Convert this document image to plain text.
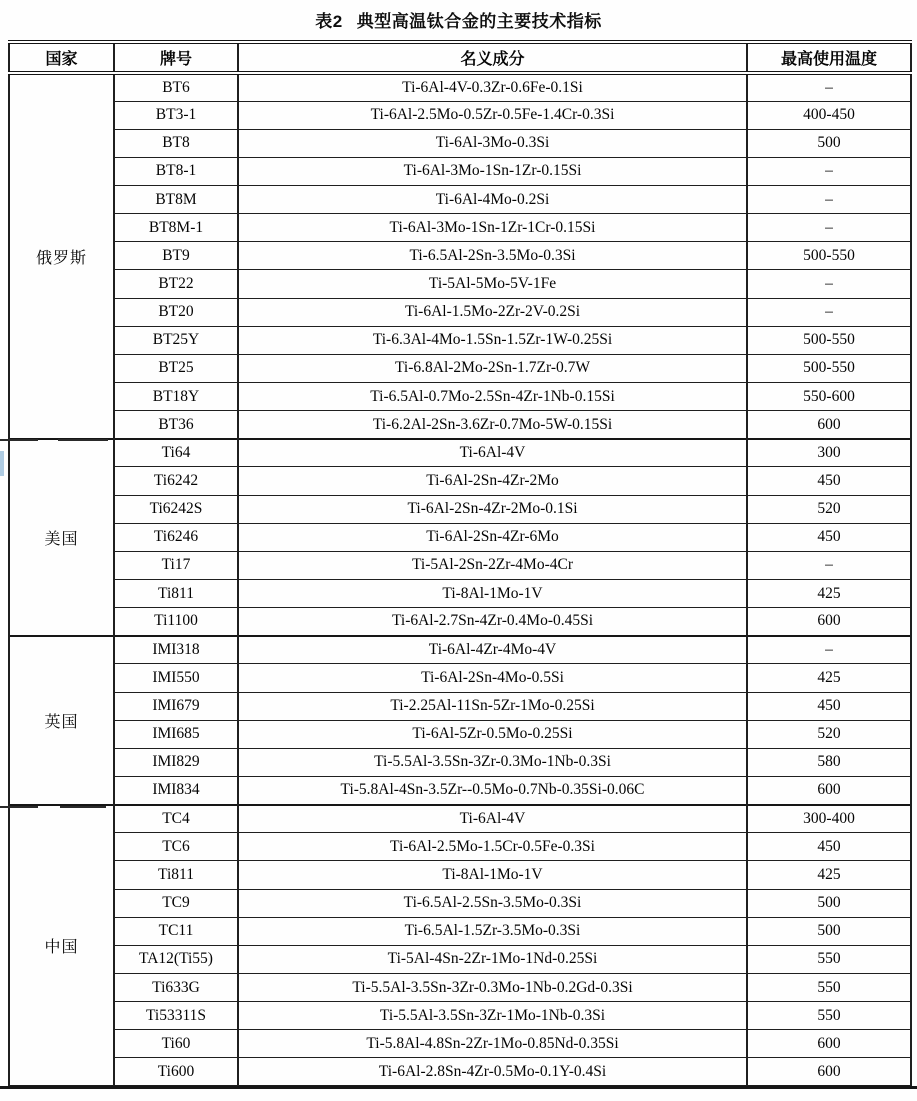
表2 典型高温钛合金的主要技术指标
国家	牌号	名义成分	最高使用温度
俄罗斯	BT6	Ti-6Al-4V-0.3Zr-0.6Fe-0.1Si	–
	BT3-1	Ti-6Al-2.5Mo-0.5Zr-0.5Fe-1.4Cr-0.3Si	400-450
	BT8	Ti-6Al-3Mo-0.3Si	500
	BT8-1	Ti-6Al-3Mo-1Sn-1Zr-0.15Si	–
	BT8M	Ti-6Al-4Mo-0.2Si	–
	BT8M-1	Ti-6Al-3Mo-1Sn-1Zr-1Cr-0.15Si	–
	BT9	Ti-6.5Al-2Sn-3.5Mo-0.3Si	500-550
	BT22	Ti-5Al-5Mo-5V-1Fe	–
	BT20	Ti-6Al-1.5Mo-2Zr-2V-0.2Si	–
	BT25Y	Ti-6.3Al-4Mo-1.5Sn-1.5Zr-1W-0.25Si	500-550
	BT25	Ti-6.8Al-2Mo-2Sn-1.7Zr-0.7W	500-550
	BT18Y	Ti-6.5Al-0.7Mo-2.5Sn-4Zr-1Nb-0.15Si	550-600
	BT36	Ti-6.2Al-2Sn-3.6Zr-0.7Mo-5W-0.15Si	600
美国	Ti64	Ti-6Al-4V	300
	Ti6242	Ti-6Al-2Sn-4Zr-2Mo	450
	Ti6242S	Ti-6Al-2Sn-4Zr-2Mo-0.1Si	520
	Ti6246	Ti-6Al-2Sn-4Zr-6Mo	450
	Ti17	Ti-5Al-2Sn-2Zr-4Mo-4Cr	–
	Ti811	Ti-8Al-1Mo-1V	425
	Ti1100	Ti-6Al-2.7Sn-4Zr-0.4Mo-0.45Si	600
英国	IMI318	Ti-6Al-4Zr-4Mo-4V	–
	IMI550	Ti-6Al-2Sn-4Mo-0.5Si	425
	IMI679	Ti-2.25Al-11Sn-5Zr-1Mo-0.25Si	450
	IMI685	Ti-6Al-5Zr-0.5Mo-0.25Si	520
	IMI829	Ti-5.5Al-3.5Sn-3Zr-0.3Mo-1Nb-0.3Si	580
	IMI834	Ti-5.8Al-4Sn-3.5Zr--0.5Mo-0.7Nb-0.35Si-0.06C	600
中国	TC4	Ti-6Al-4V	300-400
	TC6	Ti-6Al-2.5Mo-1.5Cr-0.5Fe-0.3Si	450
	Ti811	Ti-8Al-1Mo-1V	425
	TC9	Ti-6.5Al-2.5Sn-3.5Mo-0.3Si	500
	TC11	Ti-6.5Al-1.5Zr-3.5Mo-0.3Si	500
	TA12(Ti55)	Ti-5Al-4Sn-2Zr-1Mo-1Nd-0.25Si	550
	Ti633G	Ti-5.5Al-3.5Sn-3Zr-0.3Mo-1Nb-0.2Gd-0.3Si	550
	Ti53311S	Ti-5.5Al-3.5Sn-3Zr-1Mo-1Nb-0.3Si	550
	Ti60	Ti-5.8Al-4.8Sn-2Zr-1Mo-0.85Nd-0.35Si	600
	Ti600	Ti-6Al-2.8Sn-4Zr-0.5Mo-0.1Y-0.4Si	600
